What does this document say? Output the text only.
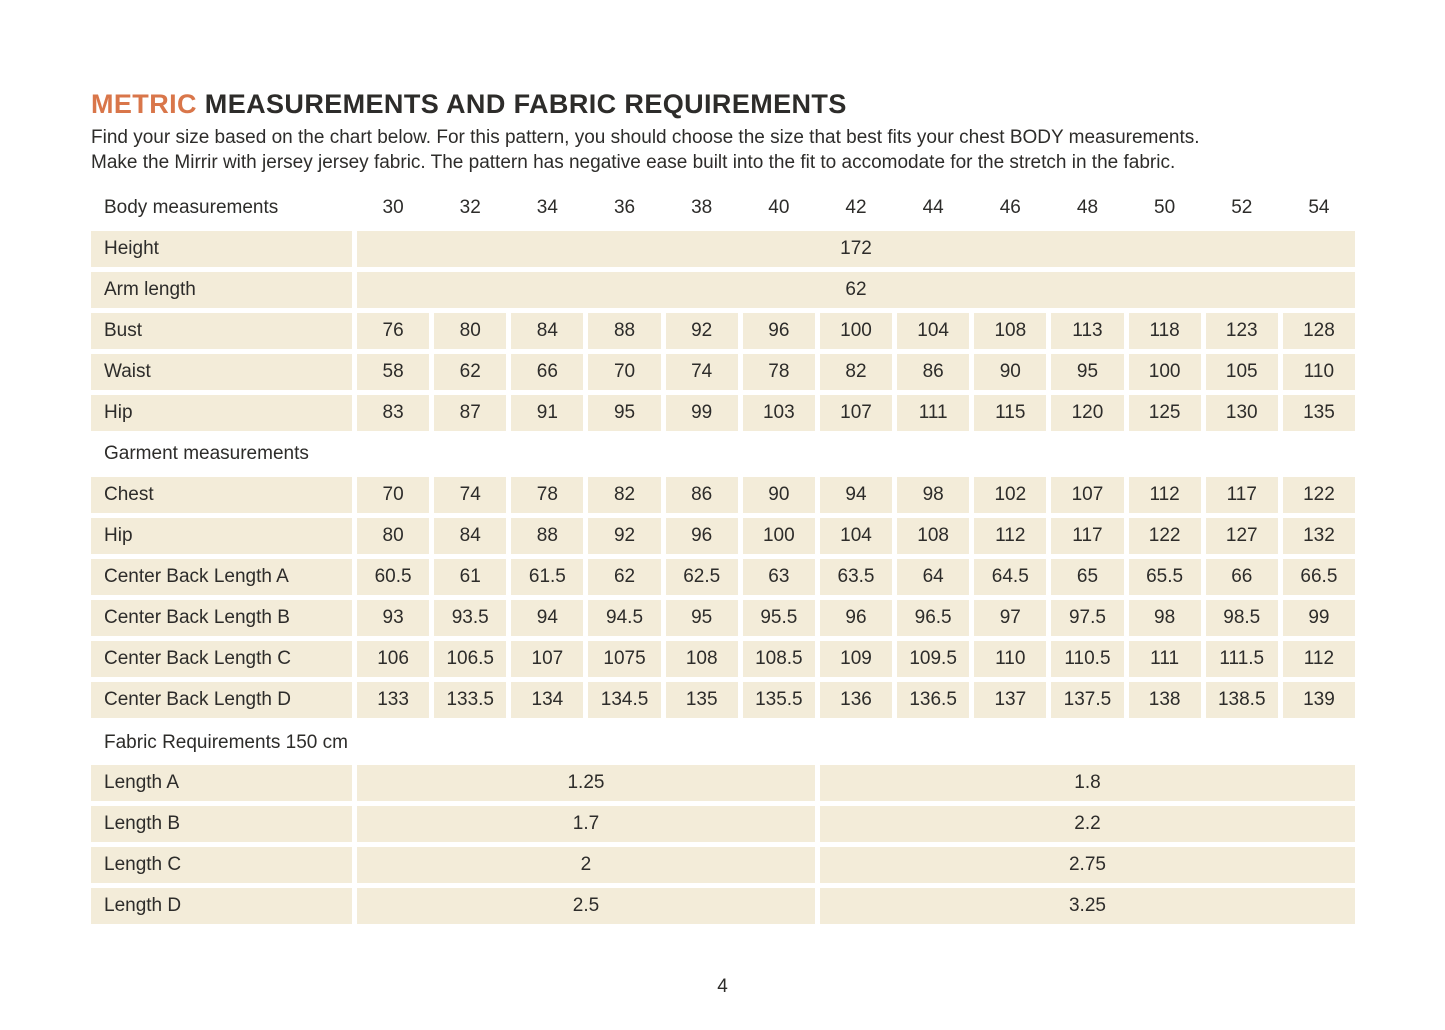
METRIC MEASUREMENTS AND FABRIC REQUIREMENTS
Find your size based on the chart below. For this pattern, you should choose the size that best fits your chest BODY measurements.
Make the Mirrir with jersey jersey fabric. The pattern has negative ease built into the fit to accomodate for the stretch in the fabric.
Body measurements	30	32	34	36	38	40	42	44	46	48	50	52	54
Height	172
Arm length	62
Bust	76	80	84	88	92	96	100	104	108	113	118	123	128
Waist	58	62	66	70	74	78	82	86	90	95	100	105	110
Hip	83	87	91	95	99	103	107	111	115	120	125	130	135
Garment measurements
Chest	70	74	78	82	86	90	94	98	102	107	112	117	122
Hip	80	84	88	92	96	100	104	108	112	117	122	127	132
Center Back Length A	60.5	61	61.5	62	62.5	63	63.5	64	64.5	65	65.5	66	66.5
Center Back Length B	93	93.5	94	94.5	95	95.5	96	96.5	97	97.5	98	98.5	99
Center Back Length C	106	106.5	107	1075	108	108.5	109	109.5	110	110.5	111	111.5	112
Center Back Length D	133	133.5	134	134.5	135	135.5	136	136.5	137	137.5	138	138.5	139
Fabric Requirements 150 cm
Length A	1.25	1.8
Length B	1.7	2.2
Length C	2	2.75
Length D	2.5	3.25
4
